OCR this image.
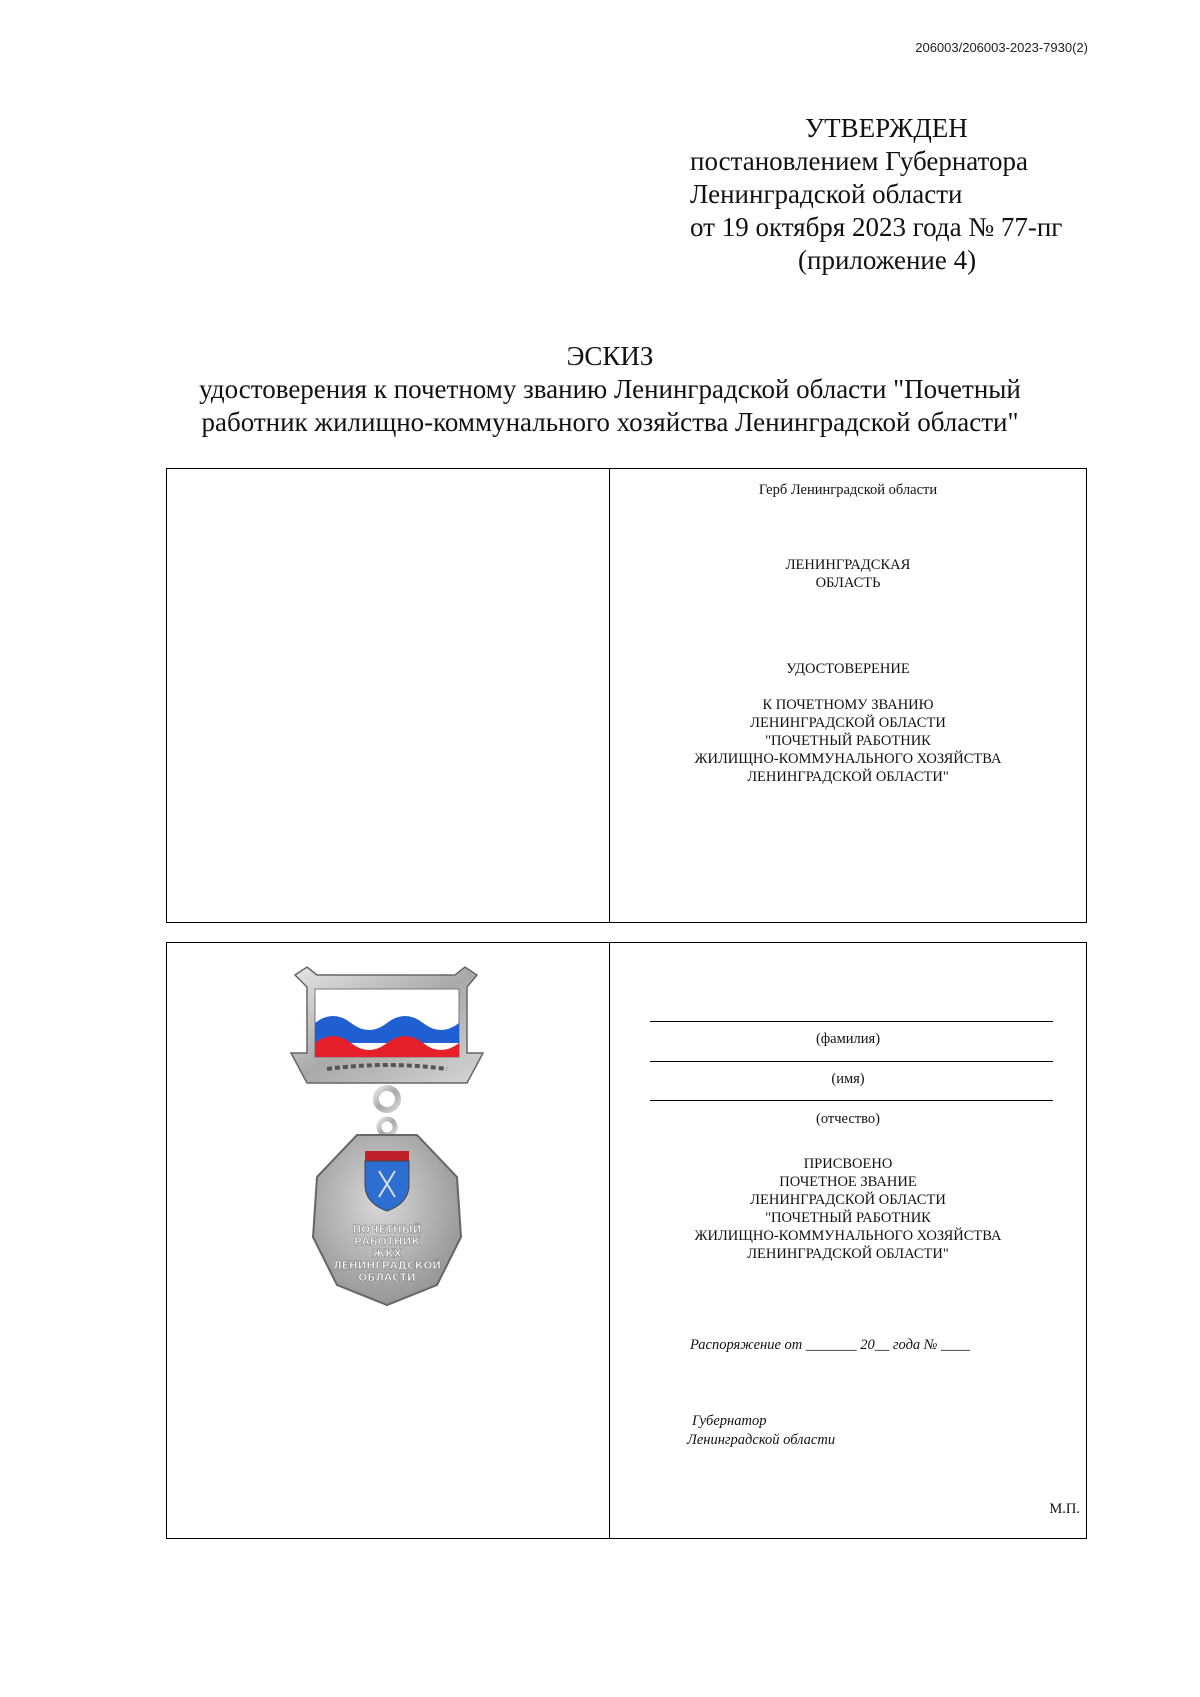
206003/206003-2023-7930(2)
УТВЕРЖДЕН
постановлением Губернатора
Ленинградской области
от 19 октября 2023 года № 77-пг
(приложение 4)
ЭСКИЗ
удостоверения к почетному званию Ленинградской области "Почетный
работник жилищно-коммунального хозяйства Ленинградской области"
Герб Ленинградской области
ЛЕНИНГРАДСКАЯ
ОБЛАСТЬ
УДОСТОВЕРЕНИЕ
К ПОЧЕТНОМУ ЗВАНИЮ
ЛЕНИНГРАДСКОЙ ОБЛАСТИ
"ПОЧЕТНЫЙ РАБОТНИК
ЖИЛИЩНО-КОММУНАЛЬНОГО ХОЗЯЙСТВА
ЛЕНИНГРАДСКОЙ ОБЛАСТИ"
ПОЧЕТНЫЙ
РАБОТНИК
ЖКХ
ЛЕНИНГРАДСКОЙ
ОБЛАСТИ
(фамилия)
(имя)
(отчество)
ПРИСВОЕНО
ПОЧЕТНОЕ ЗВАНИЕ
ЛЕНИНГРАДСКОЙ ОБЛАСТИ
"ПОЧЕТНЫЙ РАБОТНИК
ЖИЛИЩНО-КОММУНАЛЬНОГО ХОЗЯЙСТВА
ЛЕНИНГРАДСКОЙ ОБЛАСТИ"
Распоряжение от _______ 20__ года № ____
Губернатор
Ленинградской области
М.П.
